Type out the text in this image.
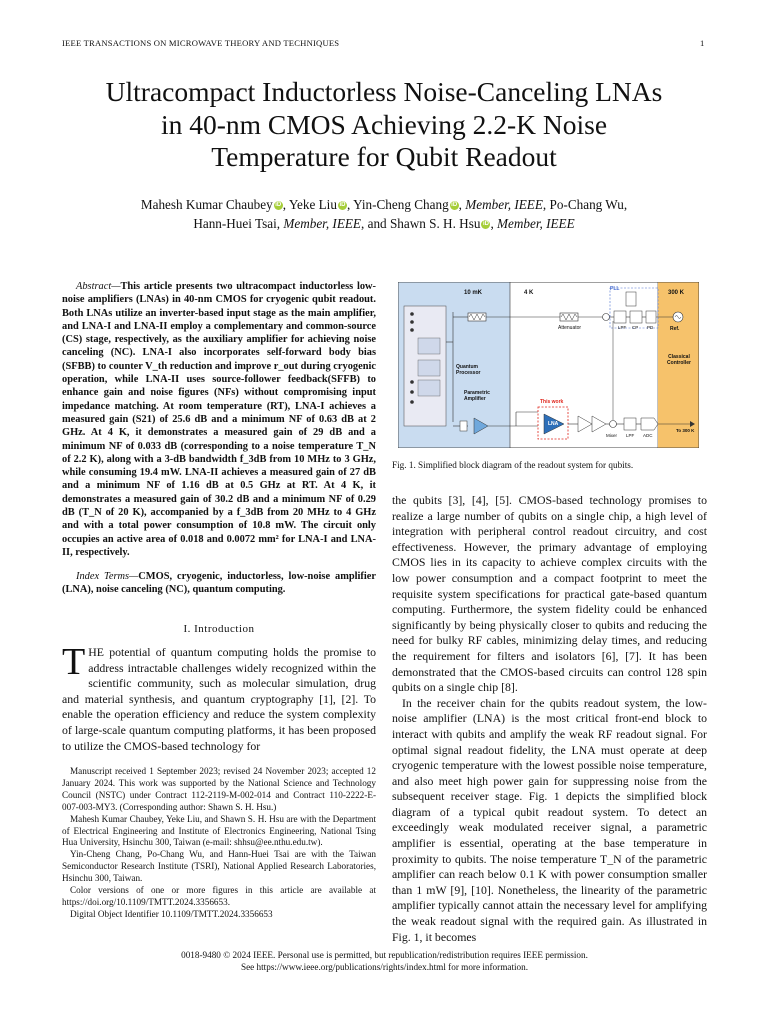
IEEE TRANSACTIONS ON MICROWAVE THEORY AND TECHNIQUES	1
Ultracompact Inductorless Noise-Canceling LNAs
in 40-nm CMOS Achieving 2.2-K Noise
Temperature for Qubit Readout
Mahesh Kumar Chaubey iD , Yeke Liu iD , Yin-Cheng Chang iD , Member, IEEE, Po-Chang Wu,
Hann-Huei Tsai, Member, IEEE, and Shawn S. H. Hsu iD , Member, IEEE
Abstract—This article presents two ultracompact inductorless low-noise amplifiers (LNAs) in 40-nm CMOS for cryogenic qubit readout. Both LNAs utilize an inverter-based input stage as the main amplifier, and LNA-I and LNA-II employ a complementary and common-source (CS) stage, respectively, as the auxiliary amplifier for achieving noise canceling (NC). LNA-I also incorporates self-forward body bias (SFBB) to counter V_th reduction and improve r_out during cryogenic operation, while LNA-II uses source-follower feedback(SFFB) to enhance gain and noise figures (NFs) without compromising input impedance matching. At room temperature (RT), LNA-I achieves a measured gain (S21) of 25.6 dB and a minimum NF of 0.63 dB at 2 GHz. At 4 K, it demonstrates a measured gain of 29 dB and a minimum NF of 0.033 dB (corresponding to a noise temperature T_N of 2.2 K), along with a 3-dB bandwidth f_3dB from 10 MHz to 3 GHz, while consuming 19.4 mW. LNA-II achieves a measured gain of 27 dB and a minimum NF of 1.16 dB at 0.5 GHz at RT. At 4 K, it demonstrates a measured gain of 30.2 dB and a minimum NF of 0.29 dB (T_N of 20 K), accompanied by a f_3dB from 20 MHz to 4 GHz and with a total power consumption of 10.8 mW. The circuit only occupies an active area of 0.018 and 0.0072 mm² for LNA-I and LNA-II, respectively.
Index Terms—CMOS, cryogenic, inductorless, low-noise amplifier (LNA), noise canceling (NC), quantum computing.
I. Introduction
THE potential of quantum computing holds the promise to address intractable challenges widely recognized within the scientific community, such as molecular simulation, drug and material synthesis, and quantum cryptography [1], [2]. To enable the operation efficiency and reduce the system complexity of large-scale quantum computing platforms, it has been proposed to utilize the CMOS-based technology for

Manuscript received 1 September 2023; revised 24 November 2023; accepted 12 January 2024. This work was supported by the National Science and Technology Council (NSTC) under Contract 112-2119-M-002-014 and Contract 110-2222-E-007-003-MY3. (Corresponding author: Shawn S. H. Hsu.)

Mahesh Kumar Chaubey, Yeke Liu, and Shawn S. H. Hsu are with the Department of Electrical Engineering and Institute of Electronics Engineering, National Tsing Hua University, Hsinchu 300, Taiwan (e-mail: shhsu@ee.nthu.edu.tw).

Yin-Cheng Chang, Po-Chang Wu, and Hann-Huei Tsai are with the Taiwan Semiconductor Research Institute (TSRI), National Applied Research Laboratories, Hsinchu 300, Taiwan.

Color versions of one or more figures in this article are available at https://doi.org/10.1109/TMTT.2024.3356653.

Digital Object Identifier 10.1109/TMTT.2024.3356653

10 mK	4 K	300 K
PLL
Attenuator	LPF CP PD	Ref.
Classical Controller
Quantum Processor
Parametric Amplifier	This work
LNA
Mixer LPF ADC
To 300 K
Fig. 1. Simplified block diagram of the readout system for qubits.

the qubits [3], [4], [5]. CMOS-based technology promises to realize a large number of qubits on a single chip, a high level of integration with peripheral control readout circuitry, and cost effectiveness. However, the primary advantage of employing CMOS lies in its capacity to achieve complex circuits with the low power consumption and a compact footprint to meet the requisite system specifications for practical gate-based quantum computing. Furthermore, the system fidelity could be enhanced significantly by being physically closer to qubits and reducing the need for bulky RF cables, minimizing delay times, and reducing the requirement for filters and isolators [6], [7]. It has been demonstrated that the CMOS-based circuits can control 128 spin qubits on a single chip [8].

In the receiver chain for the qubits readout system, the low-noise amplifier (LNA) is the most critical front-end block to interact with qubits and amplify the weak RF readout signal. For optimal signal readout fidelity, the LNA must operate at deep cryogenic temperature with the lowest possible noise temperature, and also meet high power gain for suppressing noise from the subsequent receiver stage. Fig. 1 depicts the simplified block diagram of a typical qubit readout system. To detect an exceedingly weak modulated receiver signal, a parametric amplifier is essential, operating at the base temperature in proximity to qubits. The noise temperature T_N of the parametric amplifier can reach below 0.1 K with power consumption smaller than 1 mW [9], [10]. Nonetheless, the linearity of the parametric amplifier typically cannot attain the necessary level for amplifying the weak readout signal with the required gain. As illustrated in Fig. 1, it becomes

0018-9480 © 2024 IEEE. Personal use is permitted, but republication/redistribution requires IEEE permission.
See https://www.ieee.org/publications/rights/index.html for more information.
